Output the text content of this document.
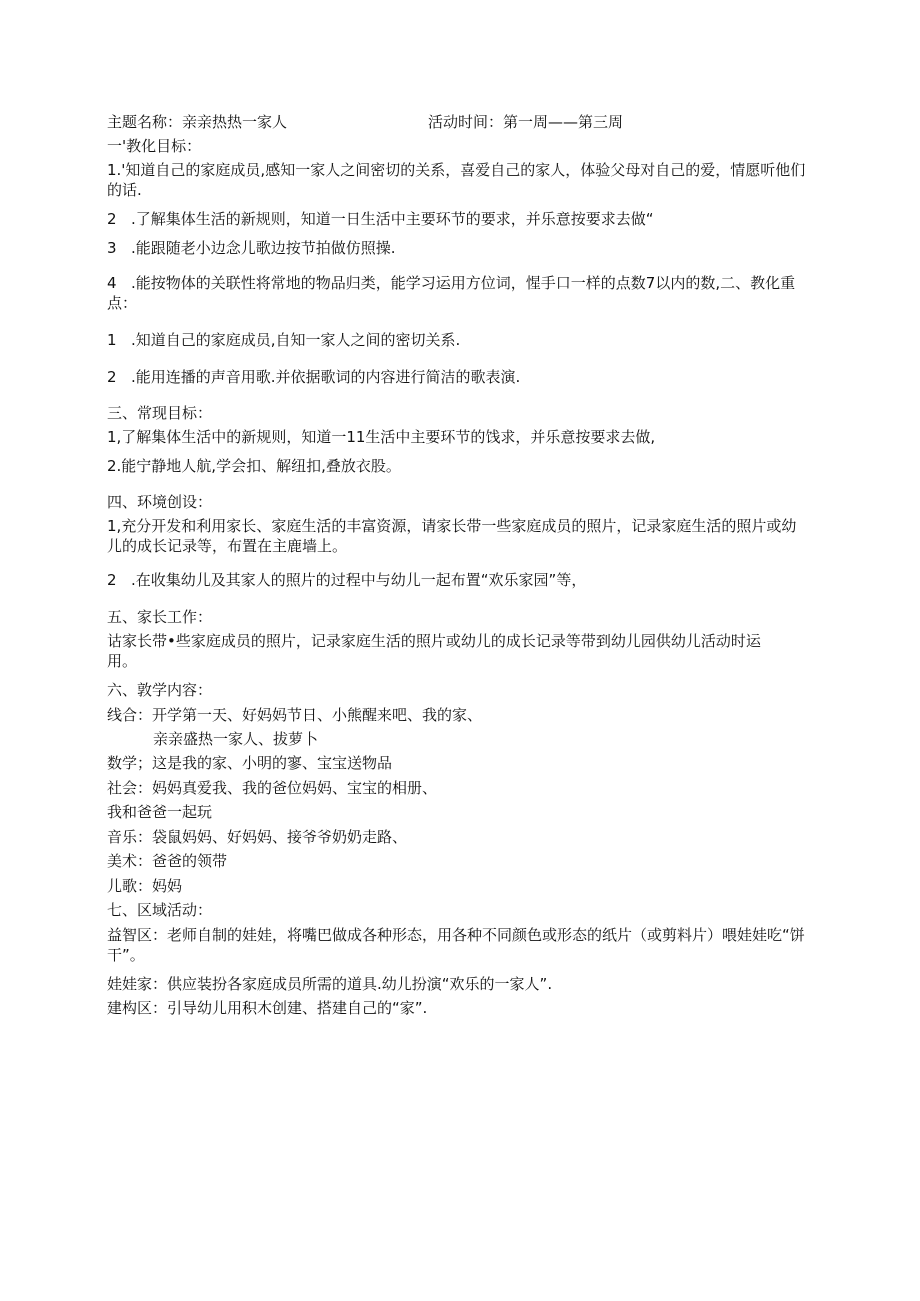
主题名称：亲亲热热一家人	活动时间：第一周——第三周
一'教化目标：
1.'知道自己的家庭成员,感知一家人之间密切的关系，喜爱自己的家人，体验父母对自己的爱，情愿听他们的话.
2 .了解集体生活的新规则，知道一日生活中主要环节的要求，并乐意按要求去做“
3 .能跟随老小边念儿歌边按节拍做仿照操.
4 .能按物体的关联性将常地的物品归类，能学习运用方位词，惺手口一样的点数7以内的数,二、教化重点：
1 .知道自己的家庭成员,自知一家人之间的密切关系.
2 .能用连播的声音用歌.并依据歌词的内容进行简洁的歌表演.
三、常现目标：
1,了解集体生活中的新规则，知道一11生活中主要环节的饯求，并乐意按要求去做,
2.能宁静地人航,学会扣、解纽扣,叠放衣股。
四、环境创设：
1,充分开发和利用家长、家庭生活的丰富资源，请家长带一些家庭成员的照片，记录家庭生活的照片或幼儿的成长记录等，布置在主鹿墙上。
2 .在收集幼儿及其家人的照片的过程中与幼儿一起布置“欢乐家园”等，
五、家长工作：
诂家长带•些家庭成员的照片，记录家庭生活的照片或幼儿的成长记录等带到幼儿园供幼儿活动时运用。
六、敦学内容：
线合：开学第一天、好妈妈节日、小熊醒来吧、我的家、
亲亲盛热一家人、拔萝卜
数学；这是我的家、小明的寥、宝宝送物品
社会：妈妈真爱我、我的爸位妈妈、宝宝的相册、
我和爸爸一起玩
音乐：袋鼠妈妈、好妈妈、接爷爷奶奶走路、
美术：爸爸的领带
儿歌：妈妈
七、区域活动：
益智区：老师自制的娃娃，将嘴巴做成各种形态，用各种不同颜色或形态的纸片（或剪料片）喂娃娃吃“饼干”。
娃娃家：供应装扮各家庭成员所需的道具.幼儿扮演“欢乐的一家人”.
建构区：引导幼儿用积木创建、搭建自己的“家”.
